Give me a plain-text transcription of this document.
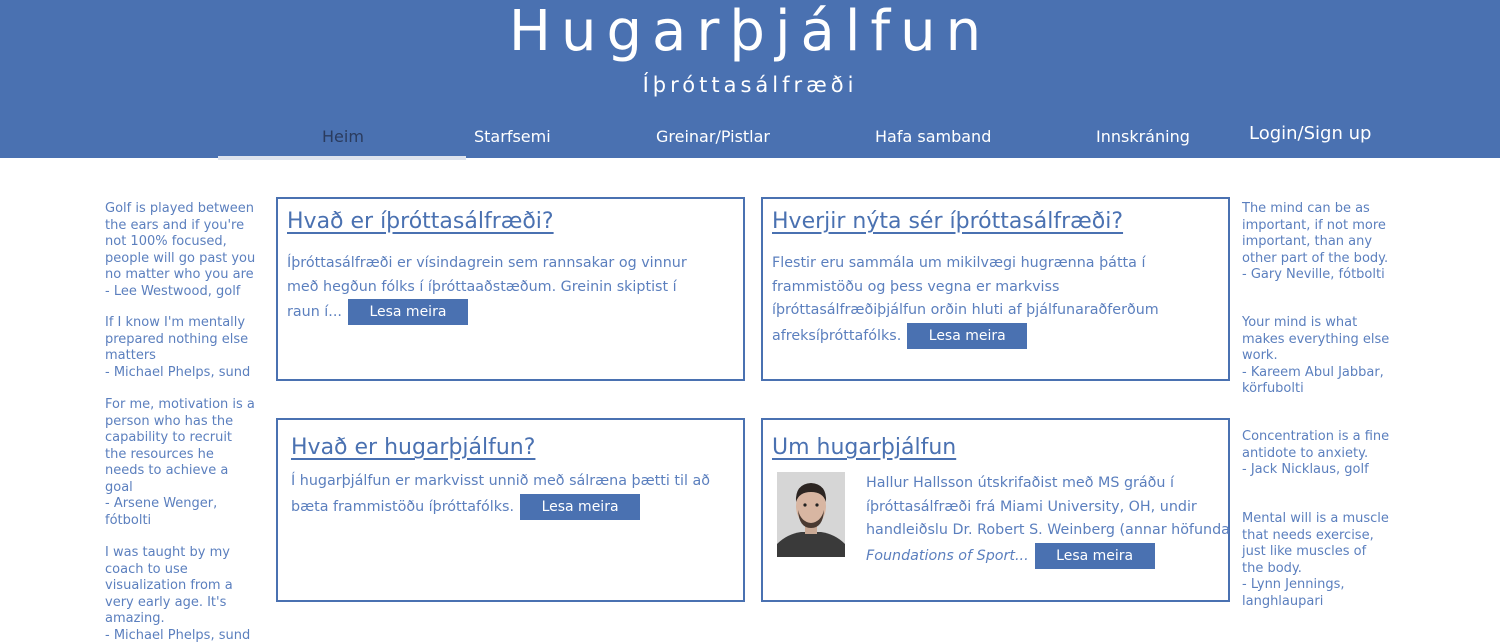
Hugarþjálfun
Íþróttasálfræði
Heim	Starfsemi	Greinar/Pistlar	Hafa samband	Innskráning	Login/Sign up

Golf is played between the ears and if you're not 100% focused, people will go past you no matter who you are
- Lee Westwood, golf

If I know I'm mentally prepared nothing else matters
- Michael Phelps, sund

For me, motivation is a person who has the capability to recruit the resources he needs to achieve a goal
- Arsene Wenger, fótbolti

I was taught by my coach to use visualization from a very early age. It's amazing.
- Michael Phelps, sund

The mind can be as important, if not more important, than any other part of the body.
- Gary Neville, fótbolti

Your mind is what makes everything else work.
- Kareem Abul Jabbar, körfubolti

Concentration is a fine antidote to anxiety.
- Jack Nicklaus, golf

Mental will is a muscle that needs exercise, just like muscles of the body.
- Lynn Jennings, langhlaupari

Hvað er íþróttasálfræði?
Íþróttasálfræði er vísindagrein sem rannsakar og vinnur með hegðun fólks í íþróttaaðstæðum. Greinin skiptist í raun í... Lesa meira
Hverjir nýta sér íþróttasálfræði?
Flestir eru sammála um mikilvægi hugrænna þátta í frammistöðu og þess vegna er markviss íþróttasálfræðiþjálfun orðin hluti af þjálfunaraðferðum afreksíþróttafólks. Lesa meira
Hvað er hugarþjálfun?
Í hugarþjálfun er markvisst unnið með sálræna þætti til að bæta frammistöðu íþróttafólks. Lesa meira
Um hugarþjálfun
Hallur Hallsson útskrifaðist með MS gráðu í íþróttasálfræði frá Miami University, OH, undir handleiðslu Dr. Robert S. Weinberg (annar höfunda Foundations of Sport... Lesa meira
